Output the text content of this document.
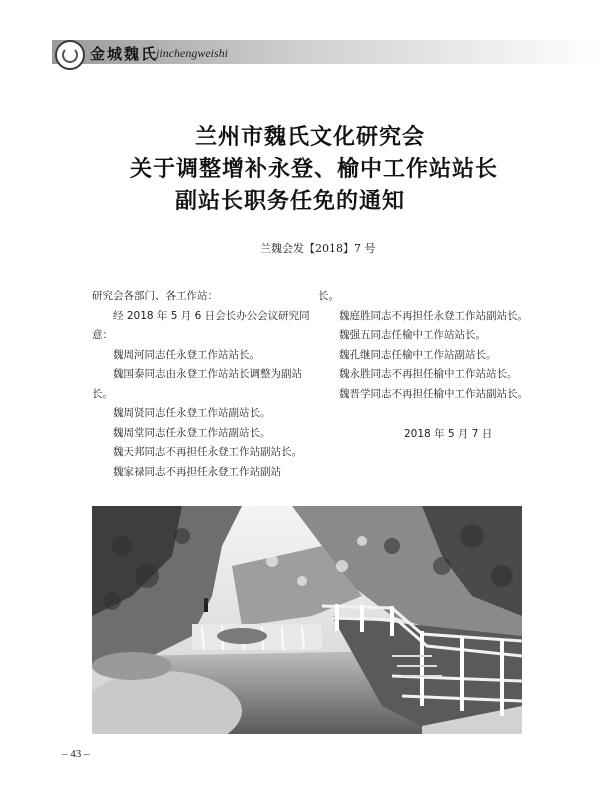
金城魏氏
jinchengweishi
兰州市魏氏文化研究会
关于调整增补永登、榆中工作站站长
副站长职务任免的通知
兰魏会发【2018】7 号

研究会各部门、各工作站：

经 2018 年 5 月 6 日会长办公会议研究同意：

魏周河同志任永登工作站站长。

魏国泰同志由永登工作站站长调整为副站长。

魏周贤同志任永登工作站副站长。

魏周堂同志任永登工作站副站长。

魏天邦同志不再担任永登工作站副站长。

魏家禄同志不再担任永登工作站副站

长。

魏庭胜同志不再担任永登工作站副站长。

魏强五同志任榆中工作站站长。

魏孔继同志任榆中工作站副站长。

魏永胜同志不再担任榆中工作站站长。

魏晋学同志不再担任榆中工作站副站长。

2018 年 5 月 7 日

– 43 –
